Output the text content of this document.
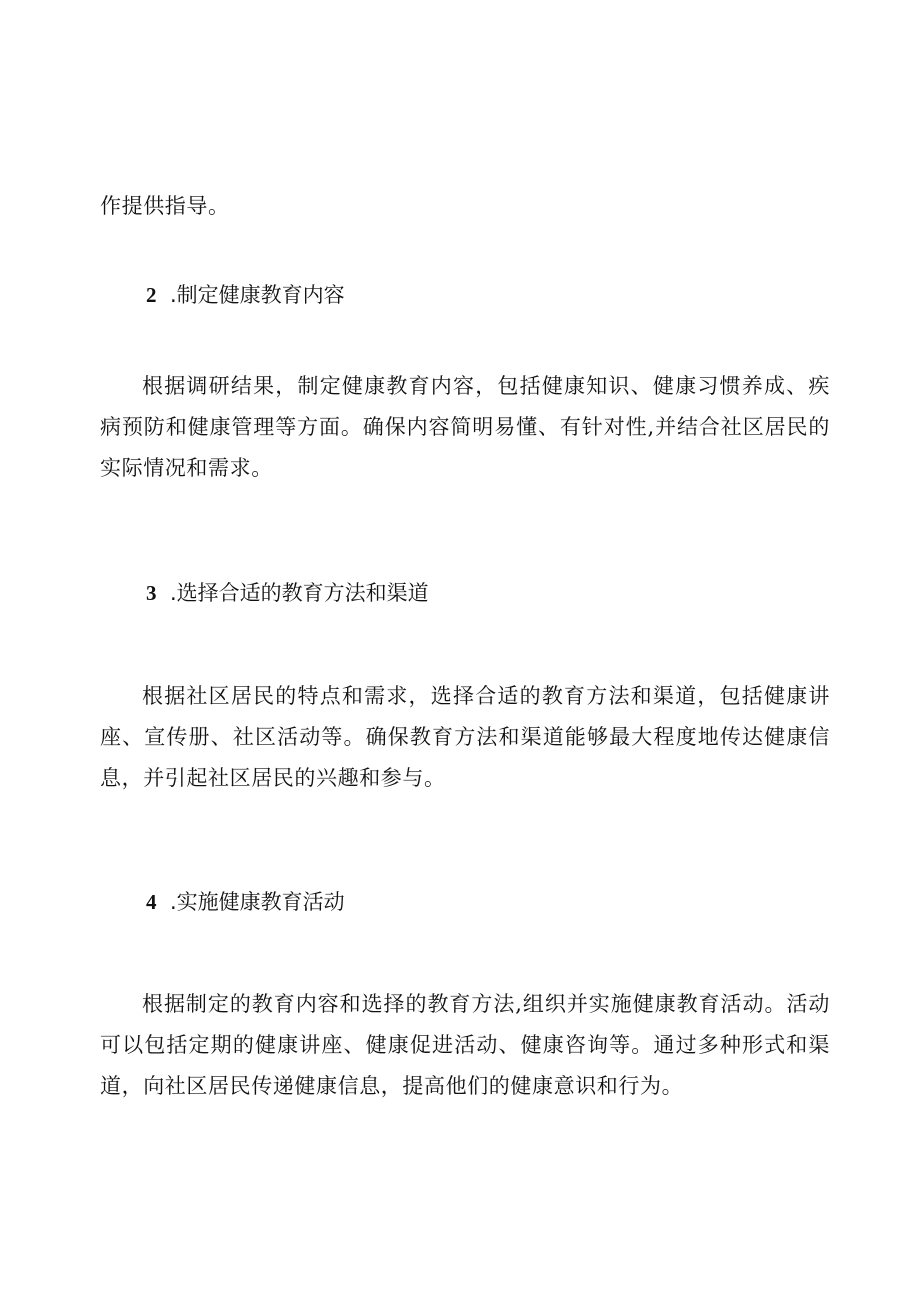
作提供指导。

2 .制定健康教育内容

根据调研结果，制定健康教育内容，包括健康知识、健康习惯养成、疾病预防和健康管理等方面。确保内容简明易懂、有针对性,并结合社区居民的实际情况和需求。

3 .选择合适的教育方法和渠道

根据社区居民的特点和需求，选择合适的教育方法和渠道，包括健康讲座、宣传册、社区活动等。确保教育方法和渠道能够最大程度地传达健康信息，并引起社区居民的兴趣和参与。

4 .实施健康教育活动

根据制定的教育内容和选择的教育方法,组织并实施健康教育活动。活动可以包括定期的健康讲座、健康促进活动、健康咨询等。通过多种形式和渠道，向社区居民传递健康信息，提高他们的健康意识和行为。
